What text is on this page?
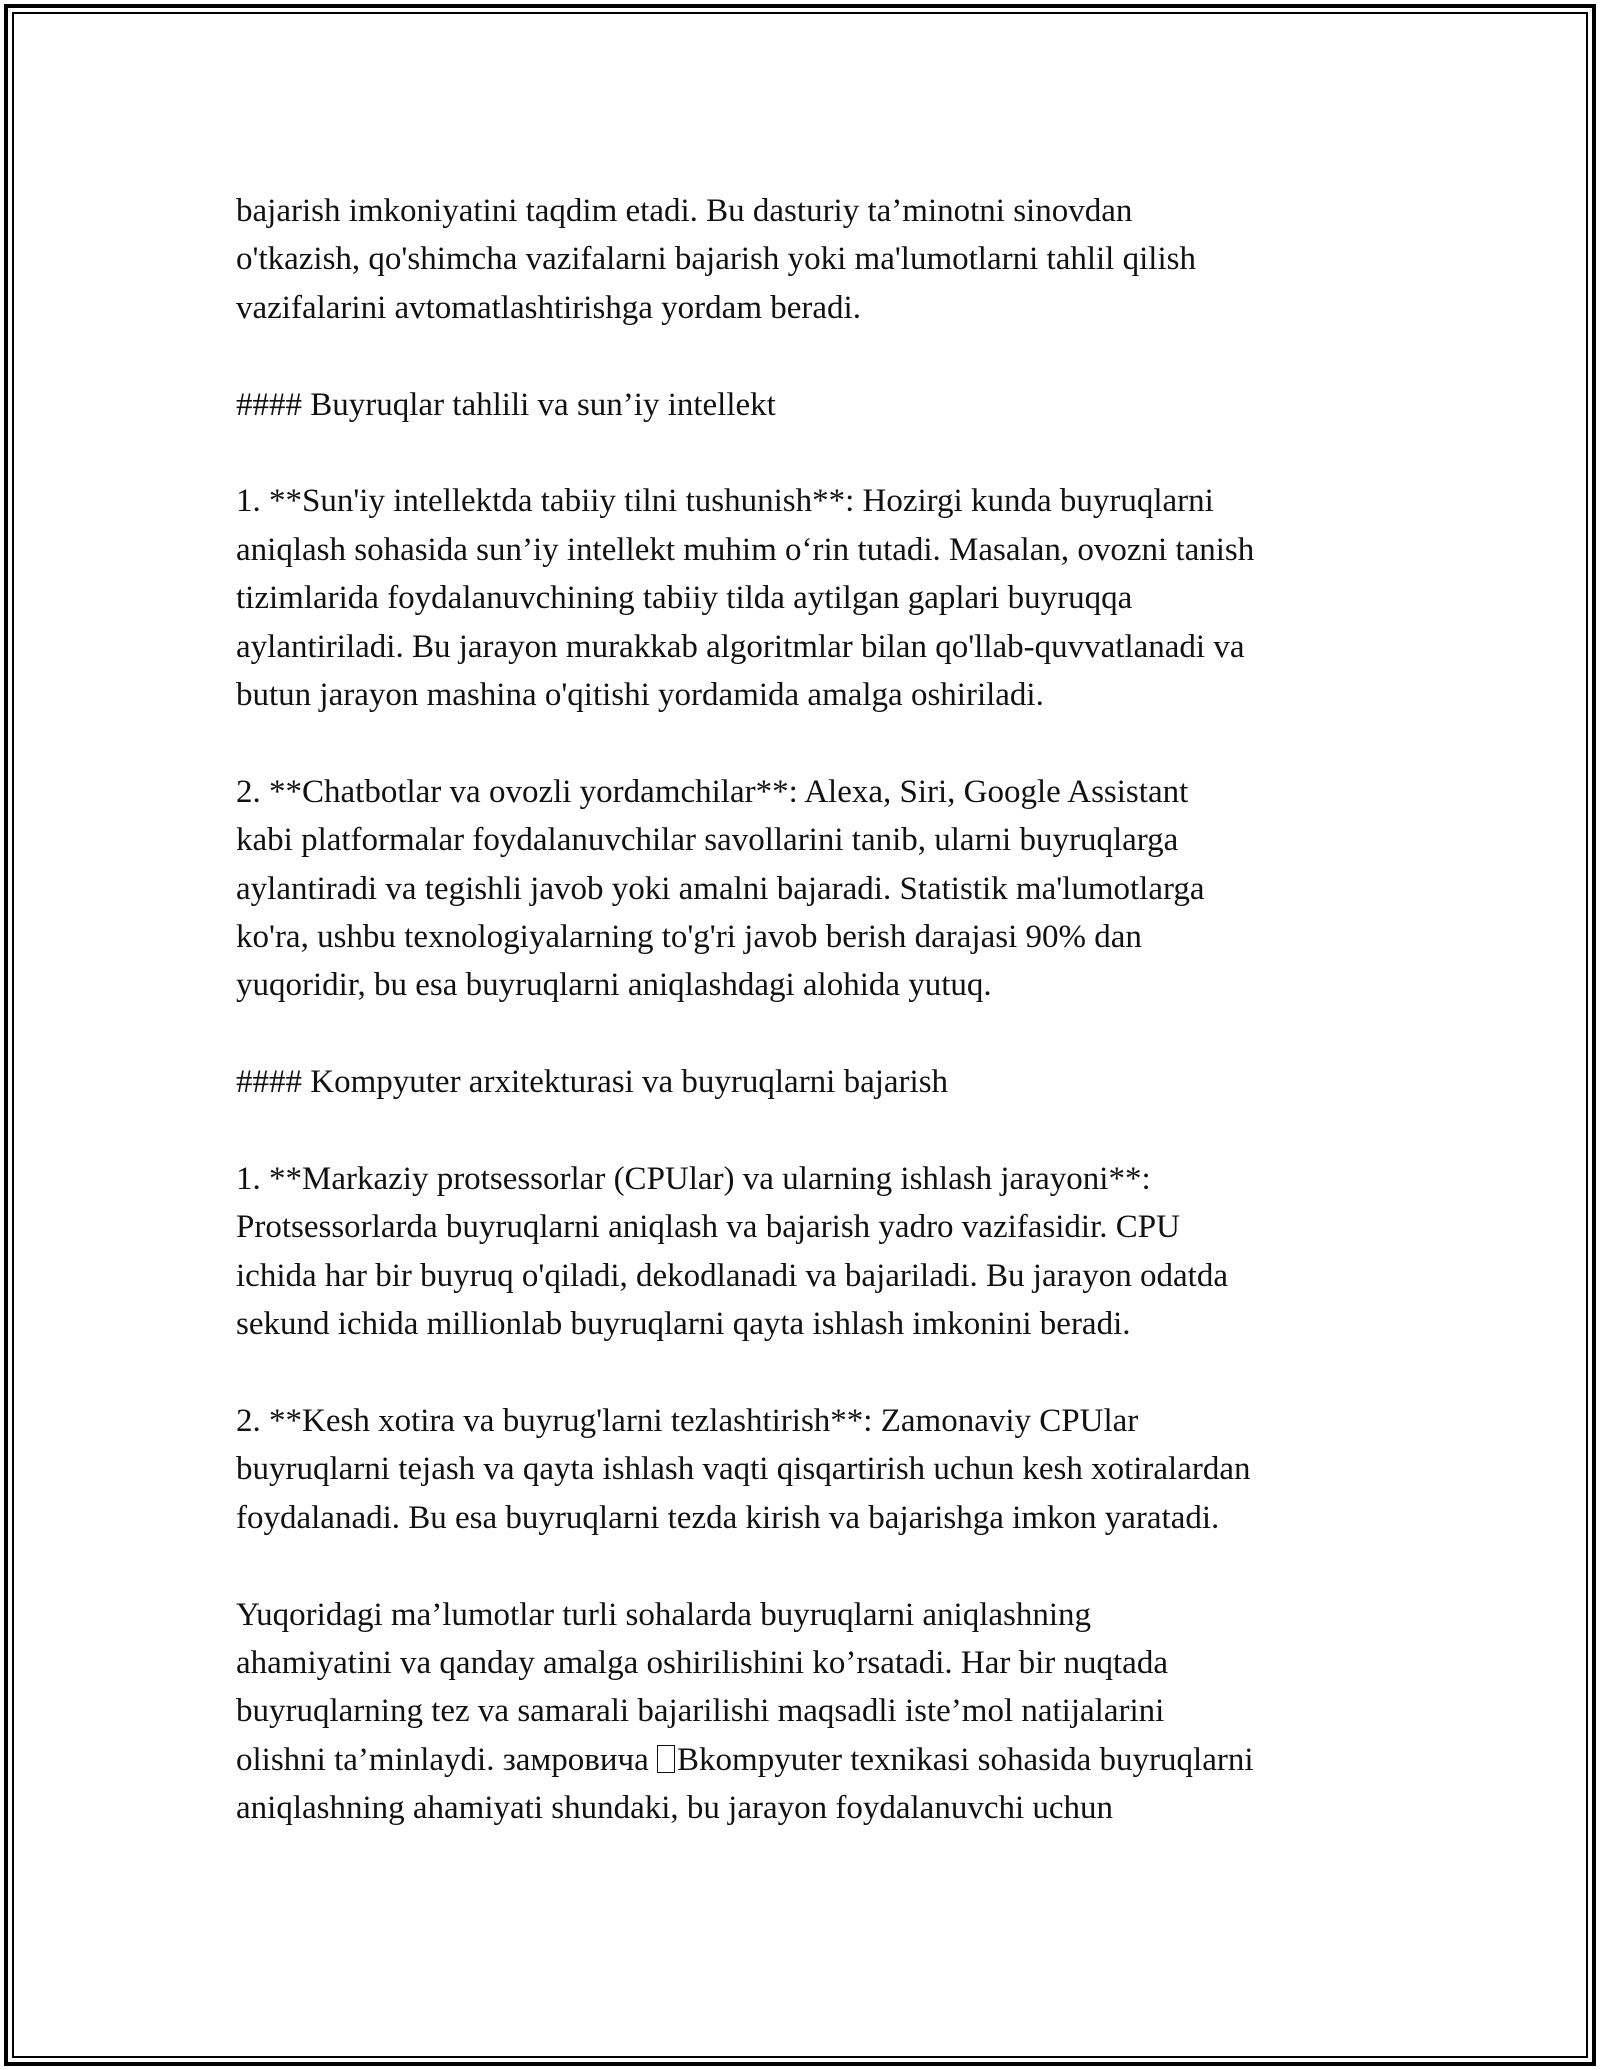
bajarish imkoniyatini taqdim etadi. Bu dasturiy ta’minotni sinovdan
o'tkazish, qo'shimcha vazifalarni bajarish yoki ma'lumotlarni tahlil qilish
vazifalarini avtomatlashtirishga yordam beradi.
#### Buyruqlar tahlili va sun’iy intellekt
1. **Sun'iy intellektda tabiiy tilni tushunish**: Hozirgi kunda buyruqlarni
aniqlash sohasida sun’iy intellekt muhim o‘rin tutadi. Masalan, ovozni tanish
tizimlarida foydalanuvchining tabiiy tilda aytilgan gaplari buyruqqa
aylantiriladi. Bu jarayon murakkab algoritmlar bilan qo'llab-quvvatlanadi va
butun jarayon mashina o'qitishi yordamida amalga oshiriladi.
2. **Chatbotlar va ovozli yordamchilar**: Alexa, Siri, Google Assistant
kabi platformalar foydalanuvchilar savollarini tanib, ularni buyruqlarga
aylantiradi va tegishli javob yoki amalni bajaradi. Statistik ma'lumotlarga
ko'ra, ushbu texnologiyalarning to'g'ri javob berish darajasi 90% dan
yuqoridir, bu esa buyruqlarni aniqlashdagi alohida yutuq.
#### Kompyuter arxitekturasi va buyruqlarni bajarish
1. **Markaziy protsessorlar (CPUlar) va ularning ishlash jarayoni**:
Protsessorlarda buyruqlarni aniqlash va bajarish yadro vazifasidir. CPU
ichida har bir buyruq o'qiladi, dekodlanadi va bajariladi. Bu jarayon odatda
sekund ichida millionlab buyruqlarni qayta ishlash imkonini beradi.
2. **Kesh xotira va buyrug'larni tezlashtirish**: Zamonaviy CPUlar
buyruqlarni tejash va qayta ishlash vaqti qisqartirish uchun kesh xotiralardan
foydalanadi. Bu esa buyruqlarni tezda kirish va bajarishga imkon yaratadi.
Yuqoridagi ma’lumotlar turli sohalarda buyruqlarni aniqlashning
ahamiyatini va qanday amalga oshirilishini ko’rsatadi. Har bir nuqtada
buyruqlarning tez va samarali bajarilishi maqsadli iste’mol natijalarini
olishni ta’minlaydi. замровича Вkompyuter texnikasi sohasida buyruqlarni
aniqlashning ahamiyati shundaki, bu jarayon foydalanuvchi uchun
